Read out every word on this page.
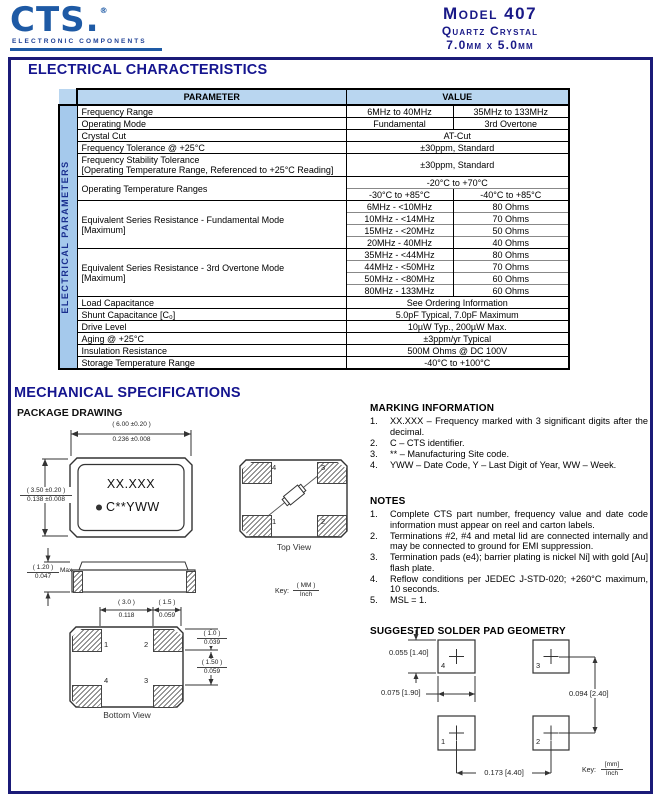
CTS.®
ELECTRONIC COMPONENTS
Model 407
Quartz Crystal
7.0mm x 5.0mm
ELECTRICAL CHARACTERISTICS
	PARAMETER	VALUE	

ELECTRICAL PARAMETERS	Frequency Range	6MHz to 40MHz	35MHz to 133MHz
	Operating Mode	Fundamental	3rd Overtone
	Crystal Cut	AT-Cut	
	Frequency Tolerance @ +25°C	±30ppm, Standard	

	Frequency Stability Tolerance
[Operating Temperature Range, Referenced to +25°C Reading]	±30ppm, Standard	
	Operating Temperature Ranges	-20°C to +70°C	
		-30°C to +85°C	-40°C to +85°C

	Equivalent Series Resistance - Fundamental Mode
[Maximum]	6MHz - <10MHz	80 Ohms
		10MHz - <14MHz	70 Ohms
		15MHz - <20MHz	50 Ohms
		20MHz - 40MHz	40 Ohms

	Equivalent Series Resistance - 3rd Overtone Mode
[Maximum]	35MHz - <44MHz	80 Ohms
		44MHz - <50MHz	70 Ohms
		50MHz - <80MHz	60 Ohms
		80MHz - 133MHz	60 Ohms
	Load Capacitance	See Ordering Information	
	Shunt Capacitance [C₀]	5.0pF Typical, 7.0pF Maximum	
	Drive Level	10µW Typ., 200µW Max.	
	Aging @ +25°C	±3ppm/yr Typical	
	Insulation Resistance	500M Ohms @ DC 100V	
	Storage Temperature Range	-40°C to +100°C	
MECHANICAL SPECIFICATIONS
PACKAGE DRAWING
( 6.00 ±0.20 )
0.236 ±0.008
$\frac{( 3.50 \pm 0.20 )}{0.138 \pm 0.008}$
XX.XXX
C**YWW
$\frac{( 1.20 )}{0.047}$ Max
Key:
( MM )
Inch
4	3
1	2
Top View
( 3.0 )
0.118
( 1.5 )
0.059
$\frac{( 1.0 )}{0.039}$
$\frac{( 1.50 )}{0.059}$
1	2
4	3
Bottom View
MARKING INFORMATION
1.	XX.XXX – Frequency marked with 3 significant digits after the decimal.
2.	C – CTS identifier.
3.	** – Manufacturing Site code.
4.	YWW – Date Code, Y – Last Digit of Year, WW – Week.
NOTES
1.	Complete CTS part number, frequency value and date code information must appear on reel and carton labels.
2.	Terminations #2, #4 and metal lid are connected internally and may be connected to ground for EMI suppression.
3.	Termination pads (e4); barrier plating is nickel Ni] with gold [Au] flash plate.
4.	Reflow conditions per JEDEC J-STD-020; +260°C maximum, 10 seconds.
5.	MSL = 1.
SUGGESTED SOLDER PAD GEOMETRY
4	3
1	2
0.055 [1.40]
0.075 [1.90]	0.094 [2.40]
0.173 [4.40]	Key:
[mm]
Inch
